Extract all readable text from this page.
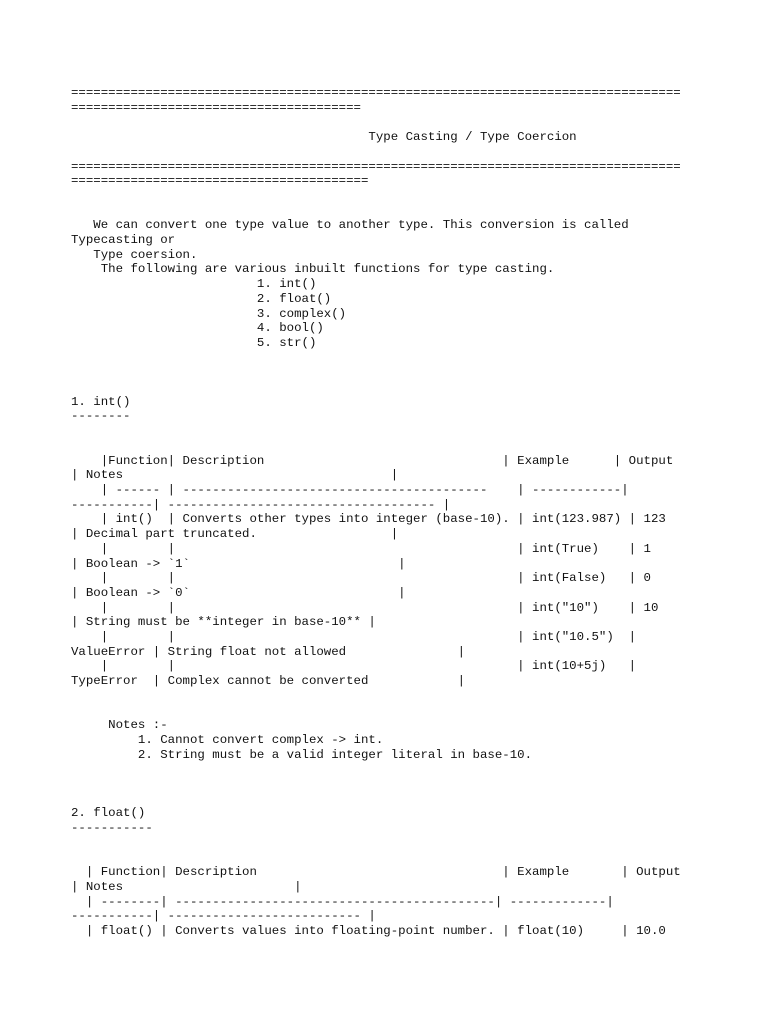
==================================================================================
=======================================

Type Casting / Type Coercion

==================================================================================
========================================

We can convert one type value to another type. This conversion is called
Typecasting or
Type coersion.
The following are various inbuilt functions for type casting.
1. int()
2. float()
3. complex()
4. bool()
5. str()

1. int()
--------

|Function| Description                                | Example      | Output
| Notes                                    |
| ------ | -----------------------------------------    | ------------|
-----------| ------------------------------------ |
| int()  | Converts other types into integer (base-10). | int(123.987) | 123
| Decimal part truncated.                  |
|        |                                              | int(True)    | 1
| Boolean -> `1`                            |
|        |                                              | int(False)   | 0
| Boolean -> `0`                            |
|        |                                              | int("10")    | 10
| String must be **integer in base-10** |
|        |                                              | int("10.5")  |
ValueError | String float not allowed               |
|        |                                              | int(10+5j)   |
TypeError  | Complex cannot be converted            |

Notes :-
1. Cannot convert complex -> int.
2. String must be a valid integer literal in base-10.

2. float()
-----------

| Function| Description                                 | Example       | Output
| Notes                       |
| --------| -------------------------------------------| -------------|
-----------| -------------------------- |
| float() | Converts values into floating-point number. | float(10)     | 10.0
